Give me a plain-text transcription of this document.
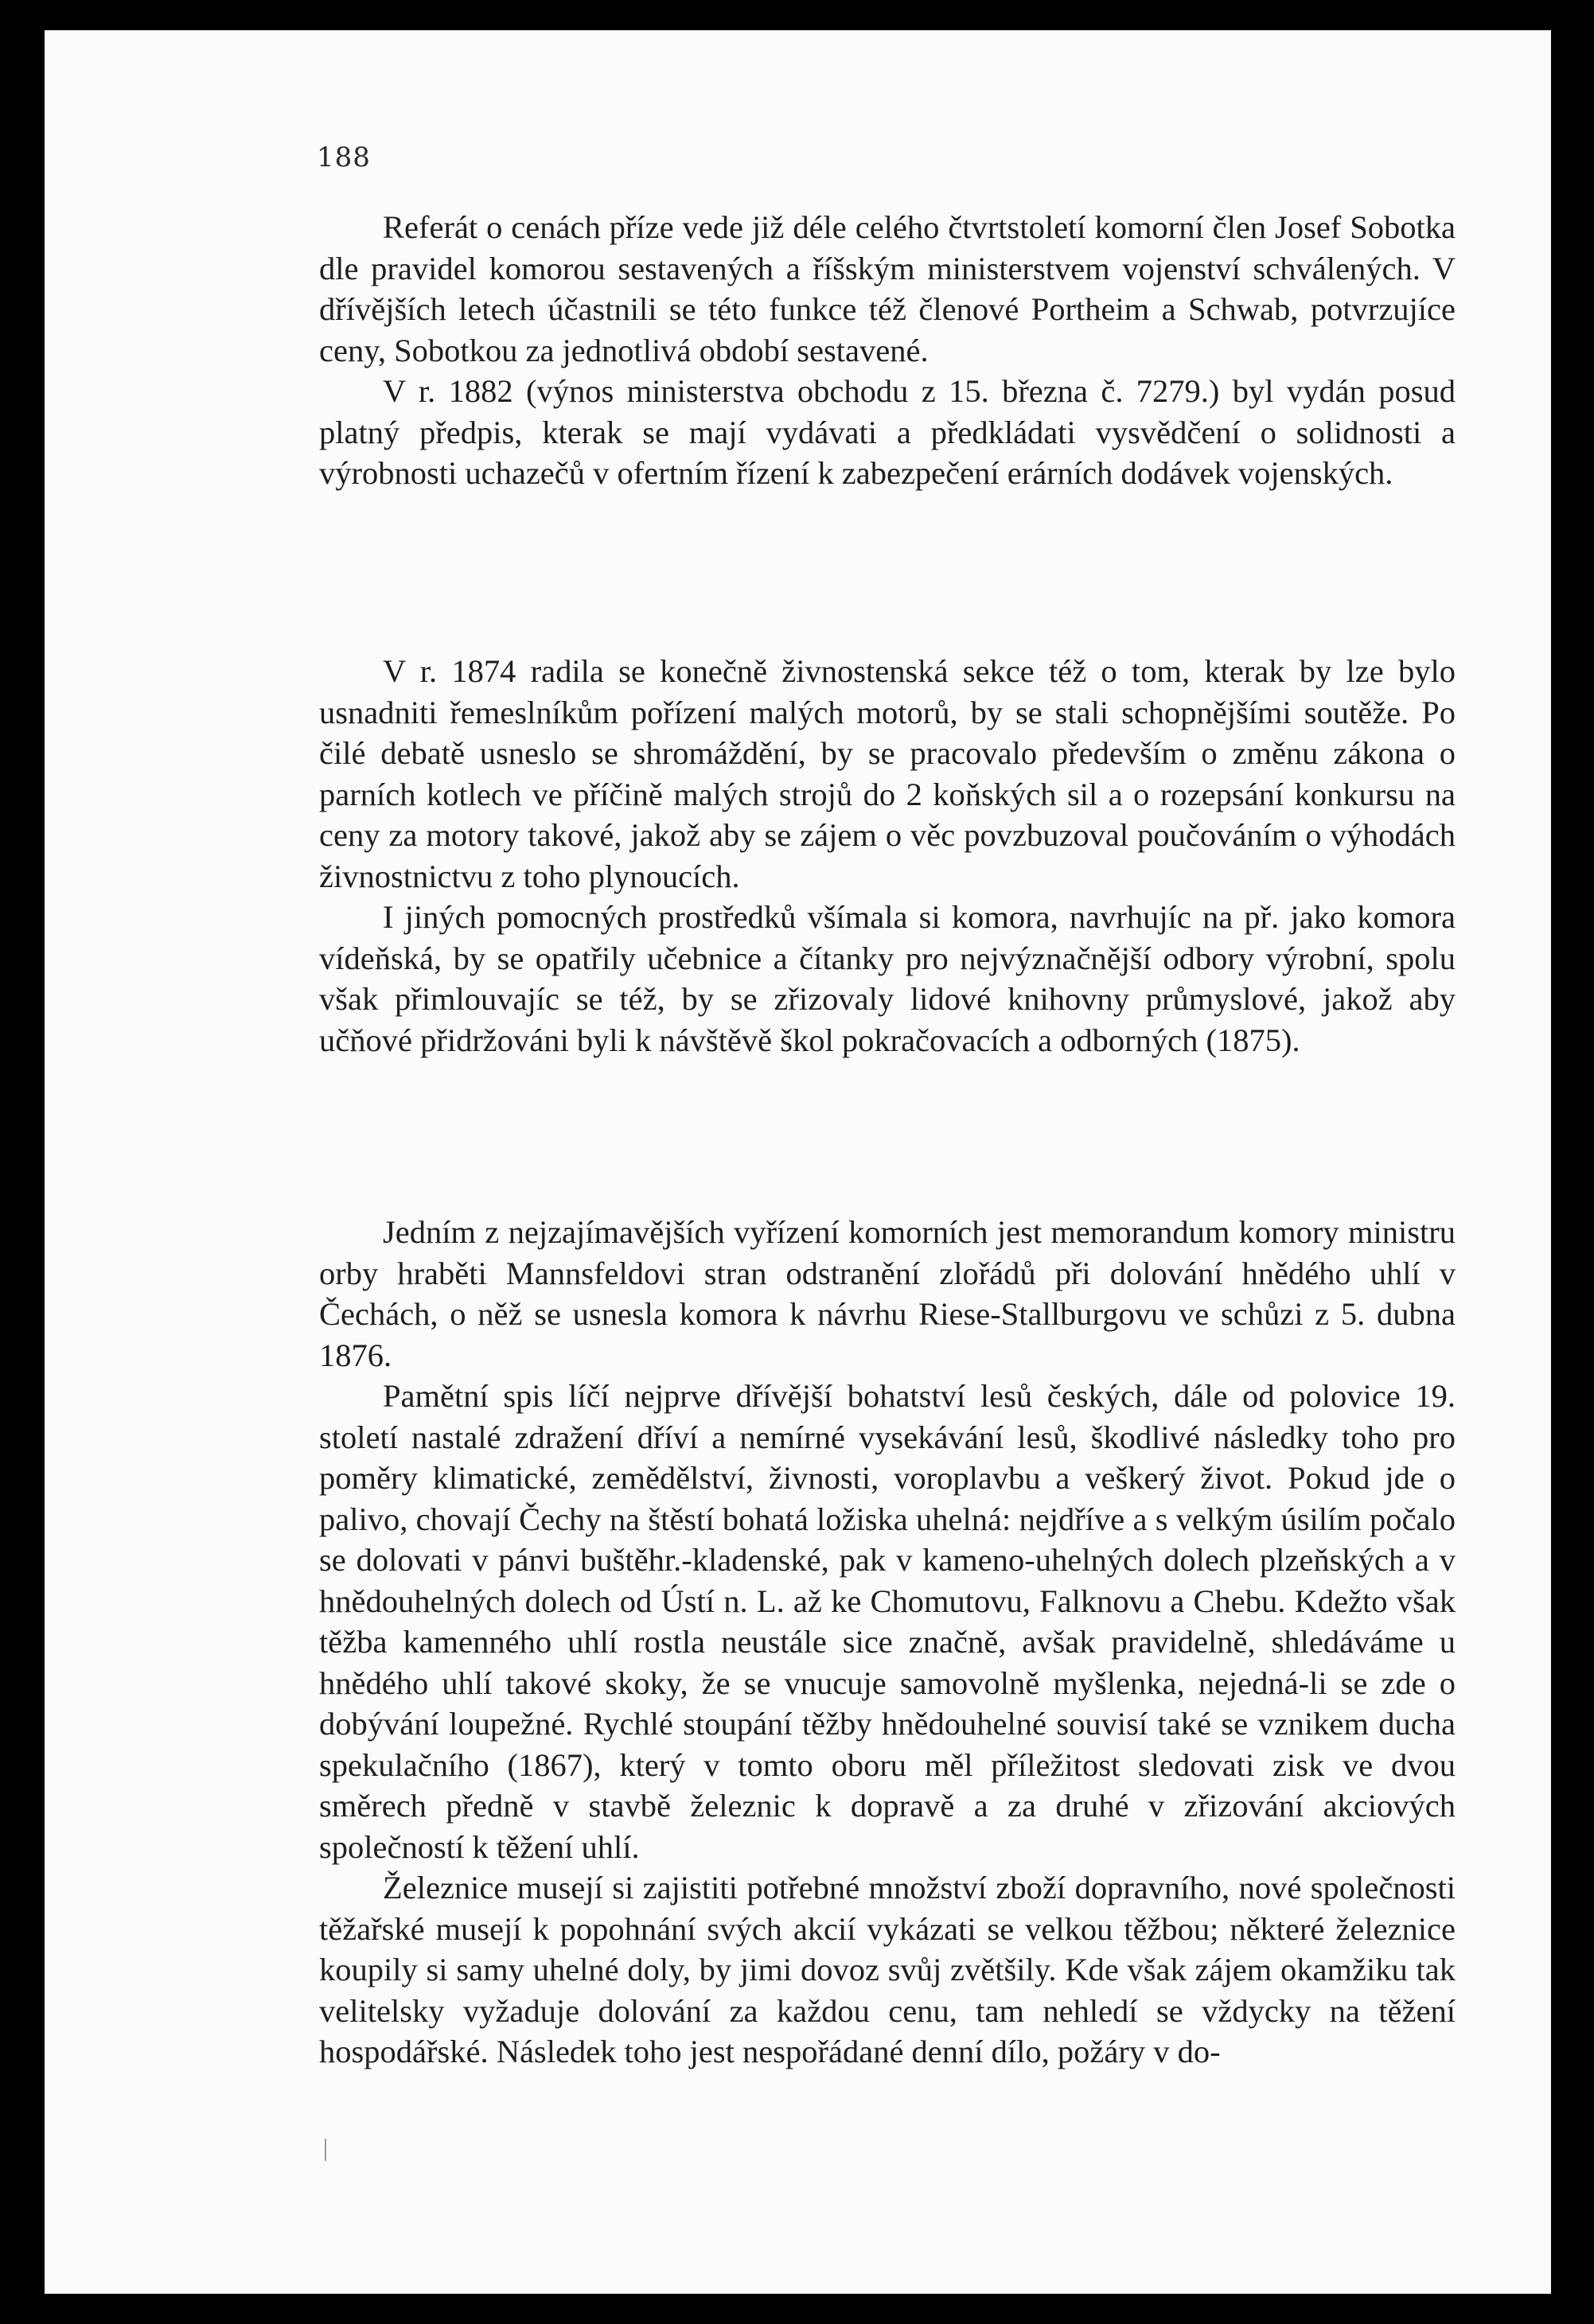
188

Referát o cenách příze vede již déle celého čtvrtstoletí komorní člen Josef Sobotka dle pravidel komorou sestavených a říšským ministerstvem vojenství schválených. V dřívějších letech účastnili se této funkce též členové Portheim a Schwab, potvrzujíce ceny, Sobotkou za jednotlivá období sestavené.

V r. 1882 (výnos ministerstva obchodu z 15. března č. 7279.) byl vydán posud platný předpis, kterak se mají vydávati a předkládati vysvědčení o solidnosti a výrobnosti uchazečů v ofertním řízení k zabezpečení erárních dodávek vojenských.

V r. 1874 radila se konečně živnostenská sekce též o tom, kterak by lze bylo usnadniti řemeslníkům pořízení malých motorů, by se stali schopnějšími soutěže. Po čilé debatě usneslo se shromáždění, by se pracovalo především o změnu zákona o parních kotlech ve příčině malých strojů do 2 koňských sil a o rozepsání konkursu na ceny za motory takové, jakož aby se zájem o věc povzbuzoval poučováním o výhodách živnostnictvu z toho plynoucích.

I jiných pomocných prostředků všímala si komora, navrhujíc na př. jako komora vídeňská, by se opatřily učebnice a čítanky pro nejvýznačnější odbory výrobní, spolu však přimlouvajíc se též, by se zřizovaly lidové knihovny průmyslové, jakož aby učňové přidržováni byli k návštěvě škol pokračovacích a odborných (1875).

Jedním z nejzajímavějších vyřízení komorních jest memorandum komory ministru orby hraběti Mannsfeldovi stran odstranění zlořádů při dolování hnědého uhlí v Čechách, o něž se usnesla komora k návrhu Riese-Stallburgovu ve schůzi z 5. dubna 1876.

Pamětní spis líčí nejprve dřívější bohatství lesů českých, dále od polovice 19. století nastalé zdražení dříví a nemírné vysekávání lesů, škodlivé následky toho pro poměry klimatické, zemědělství, živnosti, voroplavbu a veškerý život. Pokud jde o palivo, chovají Čechy na štěstí bohatá ložiska uhelná: nejdříve a s velkým úsilím počalo se dolovati v pánvi buštěhr.-kladenské, pak v kameno-uhelných dolech plzeňských a v hnědouhelných dolech od Ústí n. L. až ke Chomutovu, Falknovu a Chebu. Kdežto však těžba kamenného uhlí rostla neustále sice značně, avšak pravidelně, shledáváme u hnědého uhlí takové skoky, že se vnucuje samovolně myšlenka, nejedná-li se zde o dobývání loupežné. Rychlé stoupání těžby hnědouhelné souvisí také se vznikem ducha spekulačního (1867), který v tomto oboru měl příležitost sledovati zisk ve dvou směrech předně v stavbě železnic k dopravě a za druhé v zřizování akciových společností k těžení uhlí.

Železnice musejí si zajistiti potřebné množství zboží dopravního, nové společnosti těžařské musejí k popohnání svých akcií vykázati se velkou těžbou; některé železnice koupily si samy uhelné doly, by jimi dovoz svůj zvětšily. Kde však zájem okamžiku tak velitelsky vyžaduje dolování za každou cenu, tam nehledí se vždycky na těžení hospodářské. Následek toho jest nespořádané denní dílo, požáry v do-
